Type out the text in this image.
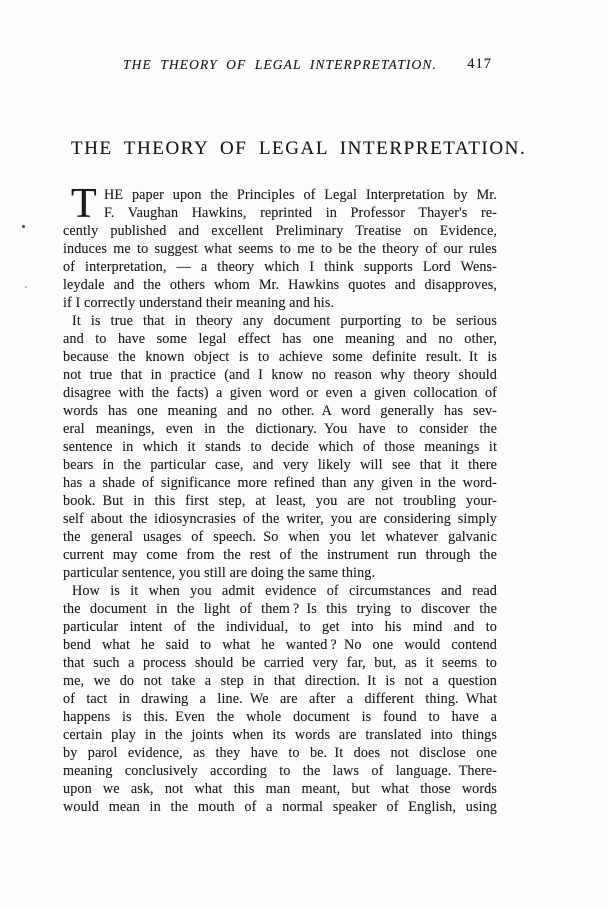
THE THEORY OF LEGAL INTERPRETATION. 417
THE THEORY OF LEGAL INTERPRETATION.
T HE paper upon the Principles of Legal Interpretation by Mr.
F. Vaughan Hawkins, reprinted in Professor Thayer's re-
cently published and excellent Preliminary Treatise on Evidence,
induces me to suggest what seems to me to be the theory of our rules
of interpretation, — a theory which I think supports Lord Wens-
leydale and the others whom Mr. Hawkins quotes and disapproves,
if I correctly understand their meaning and his.
It is true that in theory any document purporting to be serious
and to have some legal effect has one meaning and no other,
because the known object is to achieve some definite result. It is
not true that in practice (and I know no reason why theory should
disagree with the facts) a given word or even a given collocation of
words has one meaning and no other. A word generally has sev-
eral meanings, even in the dictionary. You have to consider the
sentence in which it stands to decide which of those meanings it
bears in the particular case, and very likely will see that it there
has a shade of significance more refined than any given in the word-
book. But in this first step, at least, you are not troubling your-
self about the idiosyncrasies of the writer, you are considering simply
the general usages of speech. So when you let whatever galvanic
current may come from the rest of the instrument run through the
particular sentence, you still are doing the same thing.
How is it when you admit evidence of circumstances and read
the document in the light of them ? Is this trying to discover the
particular intent of the individual, to get into his mind and to
bend what he said to what he wanted ? No one would contend
that such a process should be carried very far, but, as it seems to
me, we do not take a step in that direction. It is not a question
of tact in drawing a line. We are after a different thing. What
happens is this. Even the whole document is found to have a
certain play in the joints when its words are translated into things
by parol evidence, as they have to be. It does not disclose one
meaning conclusively according to the laws of language. There-
upon we ask, not what this man meant, but what those words
would mean in the mouth of a normal speaker of English, using
